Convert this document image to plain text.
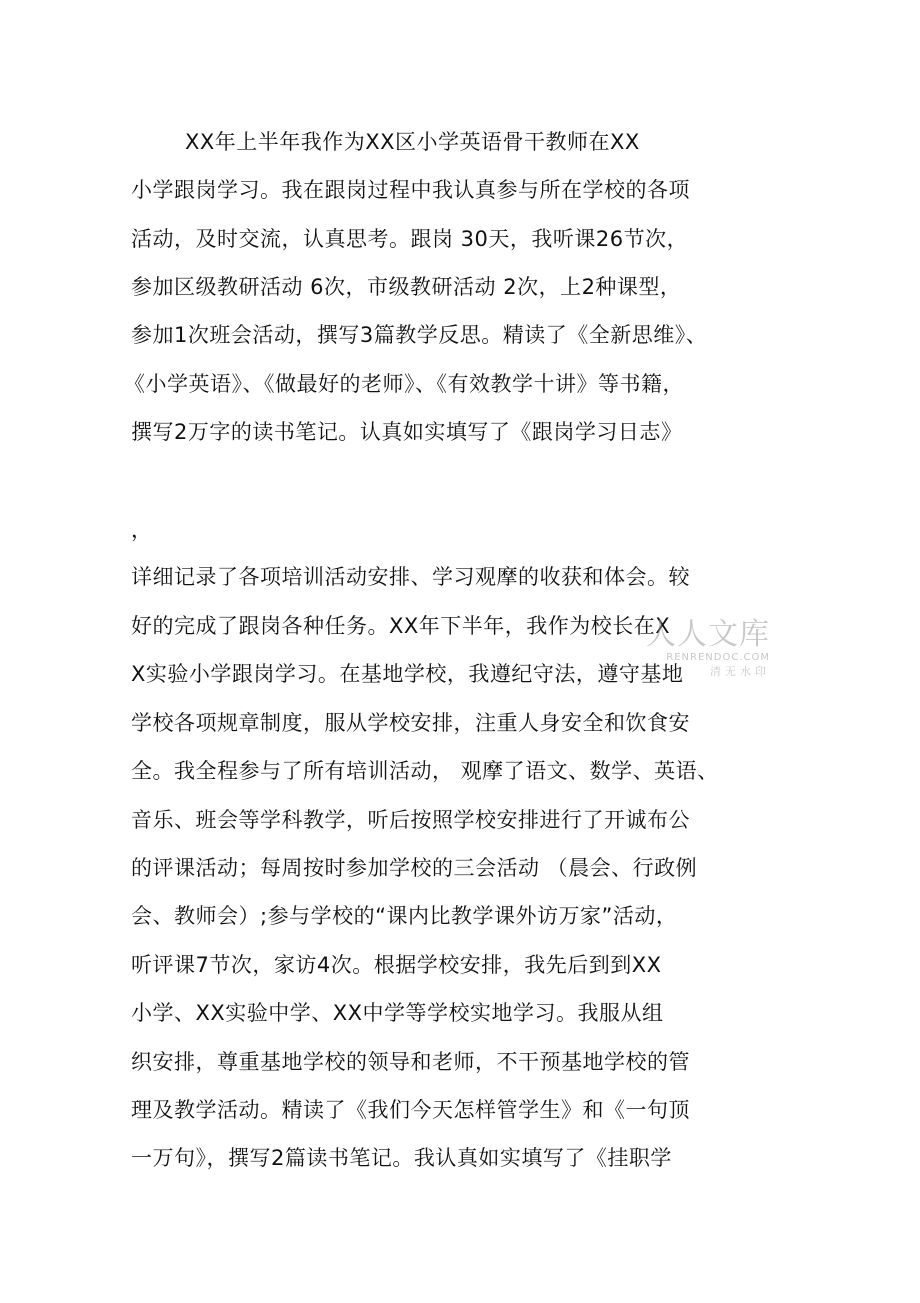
XX年上半年我作为XX区小学英语骨干教师在XX
小学跟岗学习。我在跟岗过程中我认真参与所在学校的各项
活动，及时交流，认真思考。跟岗 30天，我听课26节次，
参加区级教研活动 6次，市级教研活动 2次，上2种课型，
参加1次班会活动，撰写3篇教学反思。精读了《全新思维》、
《小学英语》、《做最好的老师》、《有效教学十讲》等书籍，
撰写2万字的读书笔记。认真如实填写了《跟岗学习日志》
，
详细记录了各项培训活动安排、学习观摩的收获和体会。较
好的完成了跟岗各种任务。XX年下半年，我作为校长在X
X实验小学跟岗学习。在基地学校，我遵纪守法，遵守基地
学校各项规章制度，服从学校安排，注重人身安全和饮食安
全。我全程参与了所有培训活动， 观摩了语文、数学、英语、
音乐、班会等学科教学，听后按照学校安排进行了开诚布公
的评课活动；每周按时参加学校的三会活动 （晨会、行政例
会、教师会）;参与学校的“课内比教学课外访万家”活动，
听评课7节次，家访4次。根据学校安排，我先后到到XX
小学、XX实验中学、XX中学等学校实地学习。我服从组
织安排，尊重基地学校的领导和老师，不干预基地学校的管
理及教学活动。精读了《我们今天怎样管学生》和《一句顶
一万句》，撰写2篇读书笔记。我认真如实填写了《挂职学
人人文库
RENRENDOC.COM
清无水印
